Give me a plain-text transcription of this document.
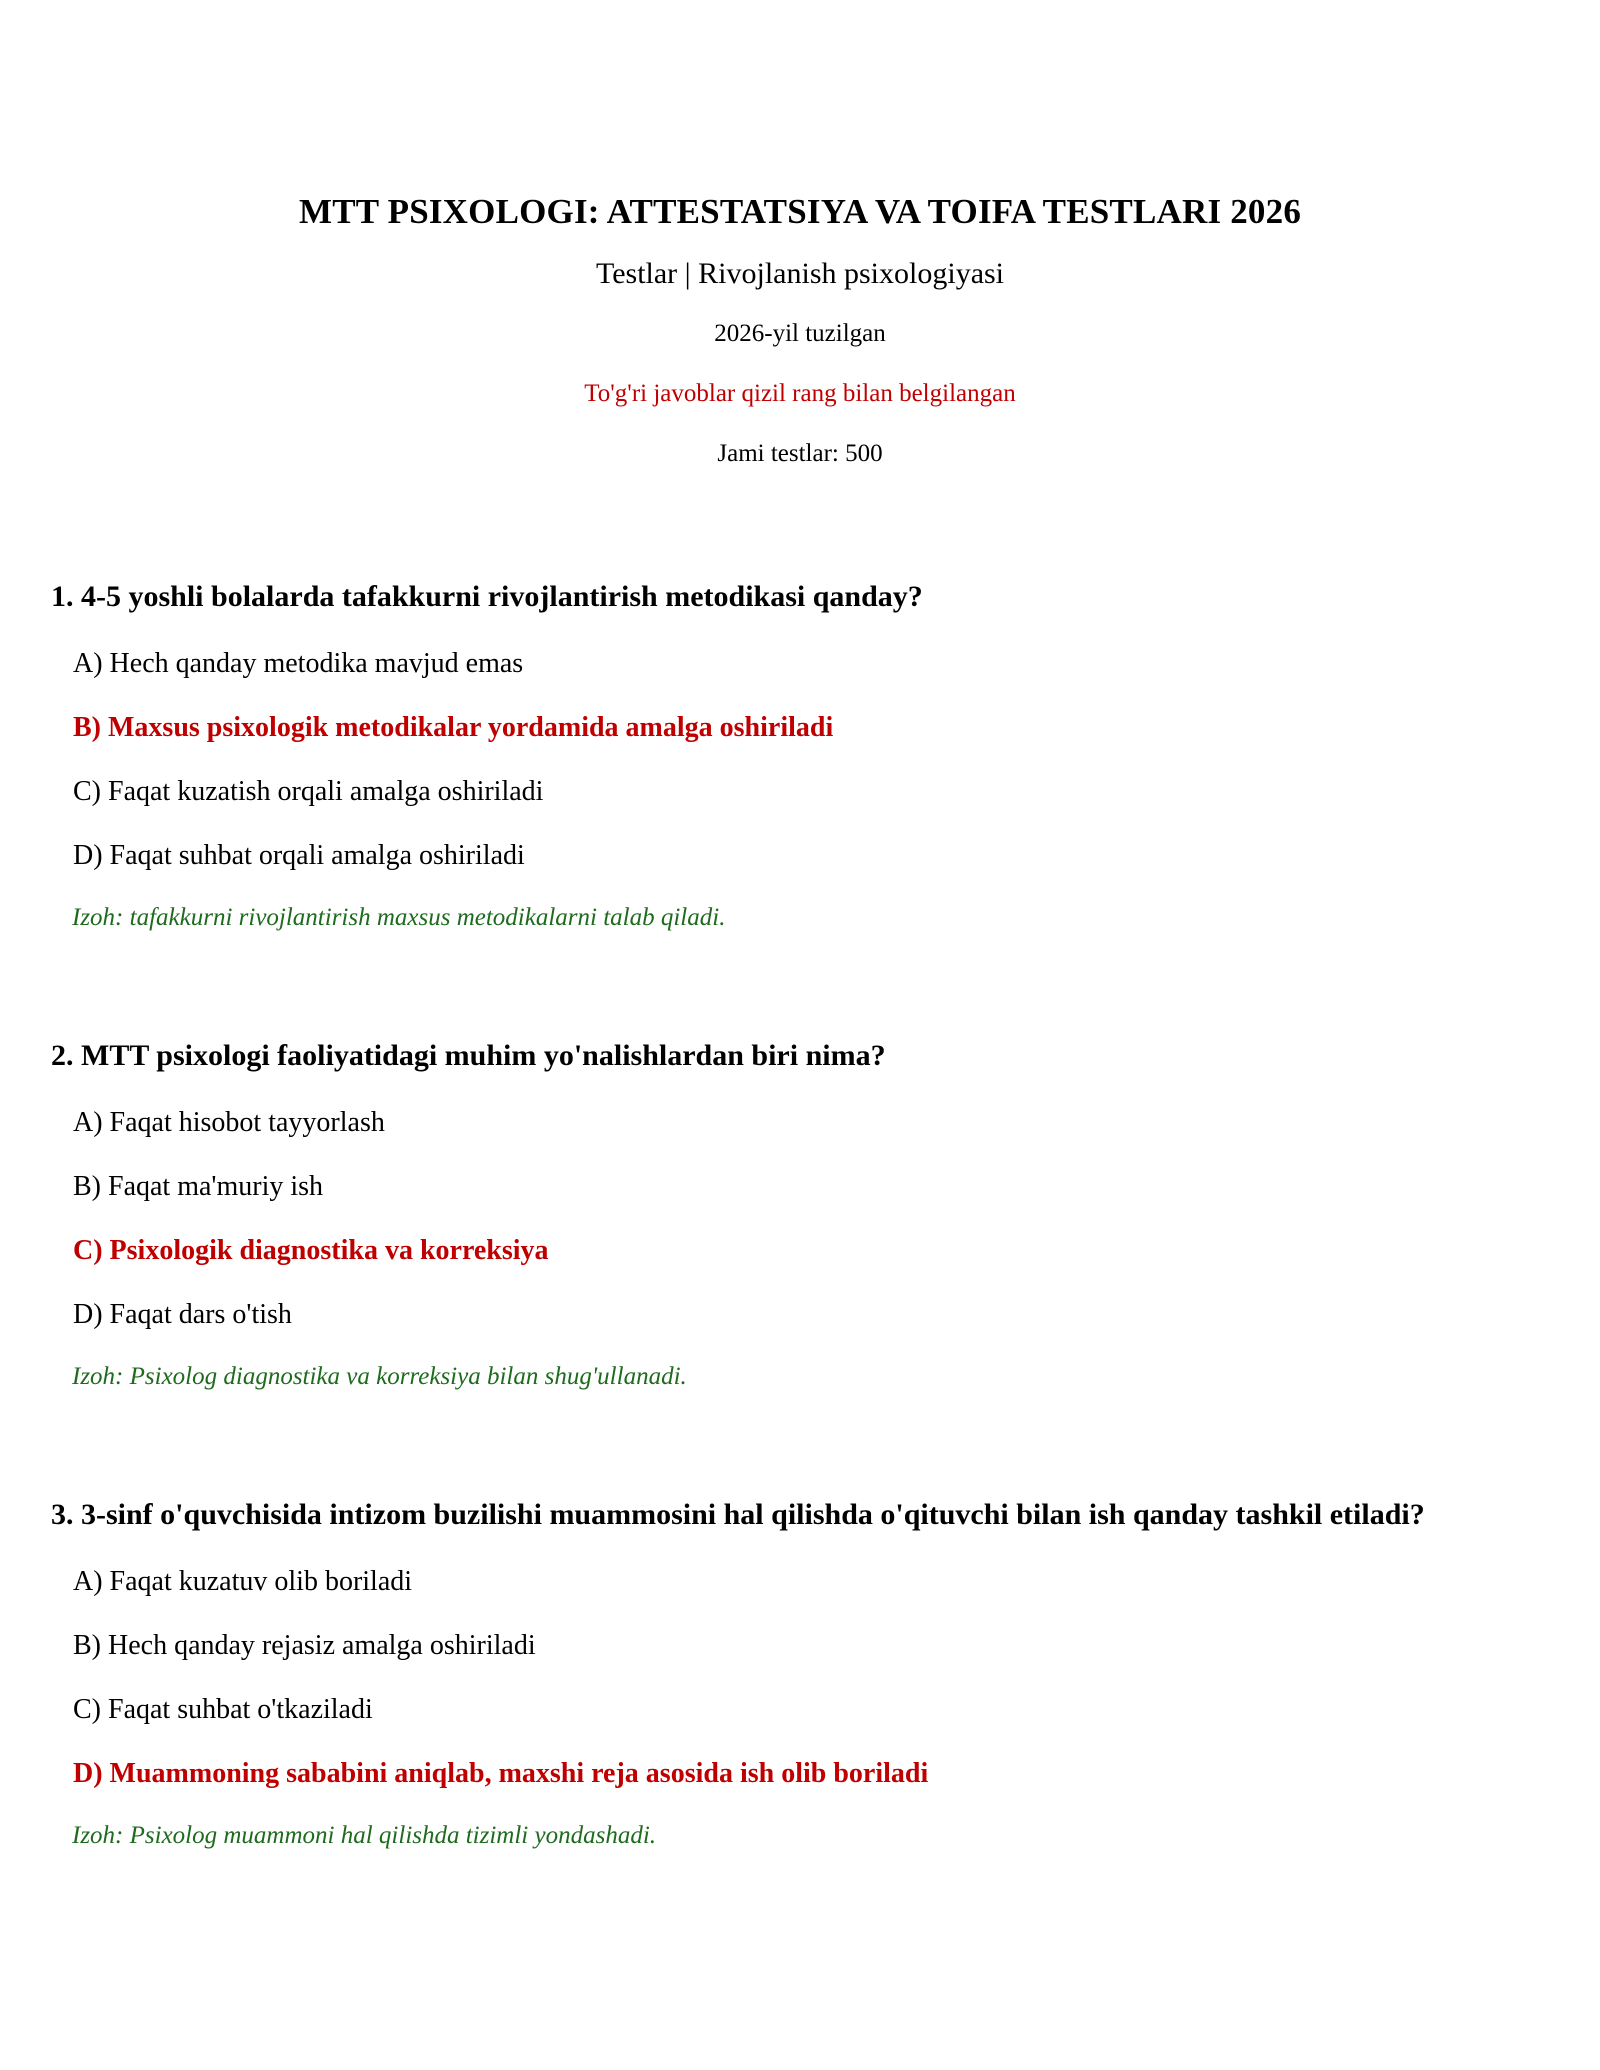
MTT PSIXOLOGI: ATTESTATSIYA VA TOIFA TESTLARI 2026
Testlar | Rivojlanish psixologiyasi
2026-yil tuzilgan
To'g'ri javoblar qizil rang bilan belgilangan
Jami testlar: 500

1. 4-5 yoshli bolalarda tafakkurni rivojlantirish metodikasi qanday?

A) Hech qanday metodika mavjud emas
B) Maxsus psixologik metodikalar yordamida amalga oshiriladi
C) Faqat kuzatish orqali amalga oshiriladi
D) Faqat suhbat orqali amalga oshiriladi
Izoh: tafakkurni rivojlantirish maxsus metodikalarni talab qiladi.

2. MTT psixologi faoliyatidagi muhim yo'nalishlardan biri nima?

A) Faqat hisobot tayyorlash
B) Faqat ma'muriy ish
C) Psixologik diagnostika va korreksiya
D) Faqat dars o'tish
Izoh: Psixolog diagnostika va korreksiya bilan shug'ullanadi.

3. 3-sinf o'quvchisida intizom buzilishi muammosini hal qilishda o'qituvchi bilan ish qanday tashkil etiladi?

A) Faqat kuzatuv olib boriladi
B) Hech qanday rejasiz amalga oshiriladi
C) Faqat suhbat o'tkaziladi
D) Muammoning sababini aniqlab, maxshi reja asosida ish olib boriladi
Izoh: Psixolog muammoni hal qilishda tizimli yondashadi.
